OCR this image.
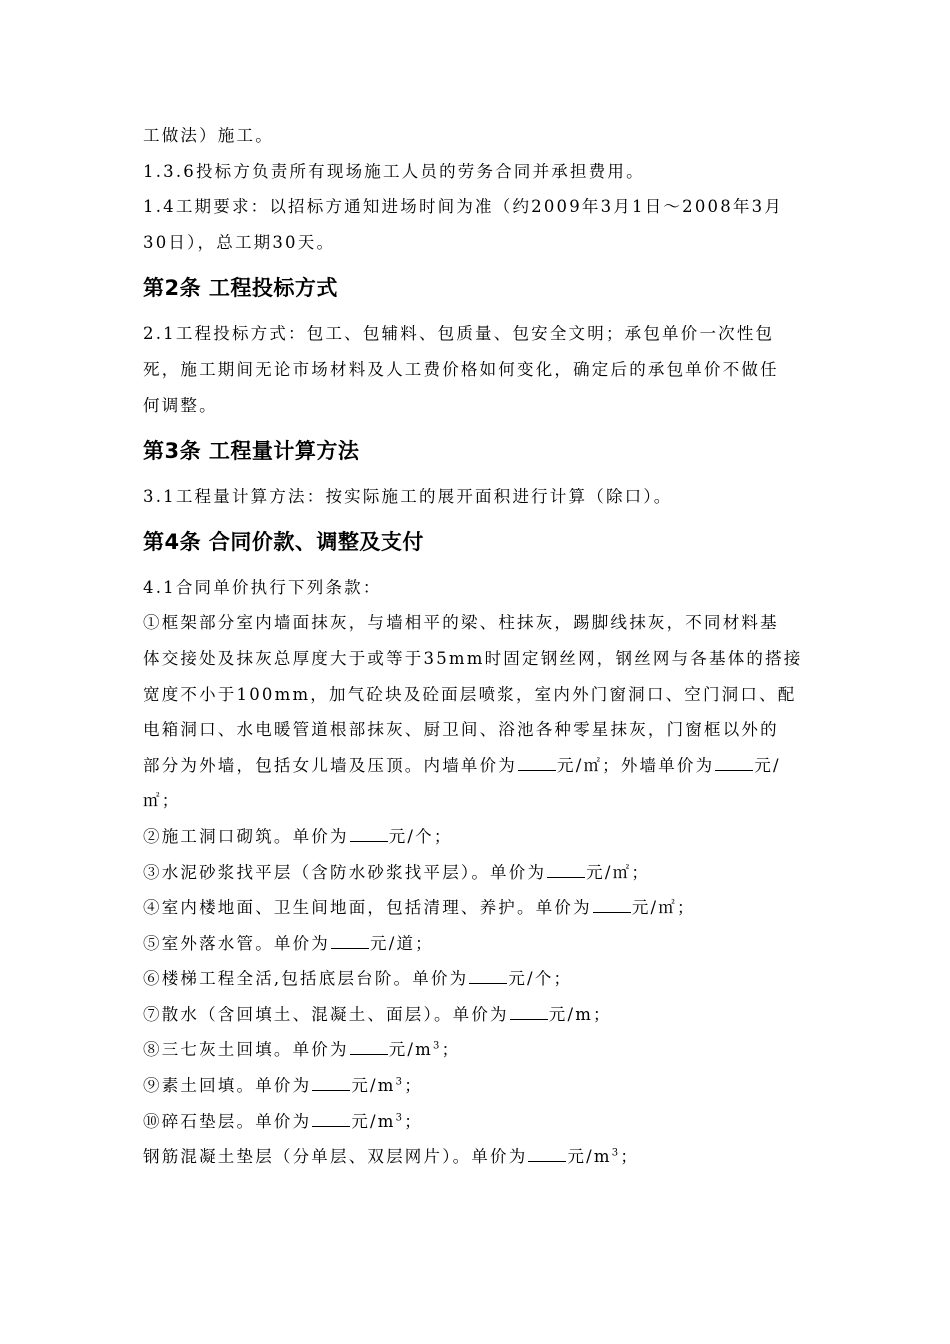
工做法）施工。
1.3.6投标方负责所有现场施工人员的劳务合同并承担费用。
1.4工期要求：以招标方通知进场时间为准（约2009年3月1日～2008年3月
30日），总工期30天。
第2条 工程投标方式
2.1工程投标方式：包工、包辅料、包质量、包安全文明；承包单价一次性包
死，施工期间无论市场材料及人工费价格如何变化，确定后的承包单价不做任
何调整。
第3条 工程量计算方法
3.1工程量计算方法：按实际施工的展开面积进行计算（除口）。
第4条 合同价款、调整及支付
4.1合同单价执行下列条款：
①框架部分室内墙面抹灰，与墙相平的梁、柱抹灰，踢脚线抹灰，不同材料基
体交接处及抹灰总厚度大于或等于35mm时固定钢丝网，钢丝网与各基体的搭接
宽度不小于100mm，加气砼块及砼面层喷浆，室内外门窗洞口、空门洞口、配
电箱洞口、水电暖管道根部抹灰、厨卫间、浴池各种零星抹灰，门窗框以外的
部分为外墙，包括女儿墙及压顶。内墙单价为 元/㎡；外墙单价为 元/
㎡；
②施工洞口砌筑。单价为 元/个；
③水泥砂浆找平层（含防水砂浆找平层）。单价为 元/㎡；
④室内楼地面、卫生间地面，包括清理、养护。单价为 元/㎡；
⑤室外落水管。单价为 元/道；
⑥楼梯工程全活,包括底层台阶。单价为 元/个；
⑦散水（含回填土、混凝土、面层）。单价为 元/m；
⑧三七灰土回填。单价为 元$/m^3$；
⑨素土回填。单价为 元$/m^3$；
⑩碎石垫层。单价为 元$/m^3$；
钢筋混凝土垫层（分单层、双层网片）。单价为 元$/m^3$；
